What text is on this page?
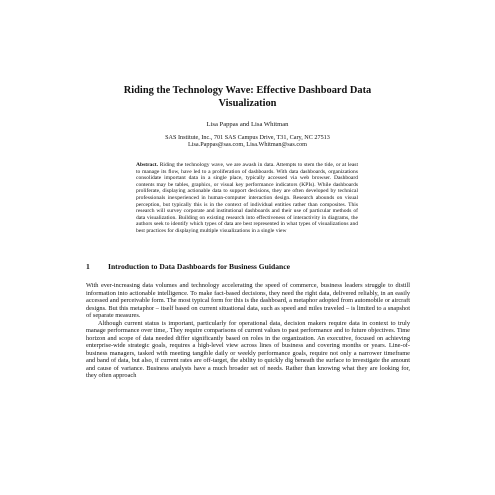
Riding the Technology Wave: Effective Dashboard Data Visualization

Lisa Pappas and Lisa Whitman

SAS Institute, Inc., 701 SAS Campus Drive, T31, Cary, NC 27513
Lisa.Pappas@sas.com, Lisa.Whitman@sas.com

Abstract. Riding the technology wave, we are awash in data. Attempts to stem the tide, or at least to manage its flow, have led to a proliferation of dashboards. With data dashboards, organizations consolidate important data in a single place, typically accessed via web browser. Dashboard contents may be tables, graphics, or visual key performance indicators (KPIs). While dashboards proliferate, displaying actionable data to support decisions, they are often developed by technical professionals inexperienced in human-computer interaction design. Research abounds on visual perception, but typically this is in the context of individual entities rather than composites. This research will survey corporate and institutional dashboards and their use of particular methods of data visualization. Building on existing research into effectiveness of interactivity in diagrams, the authors seek to identify which types of data are best represented in what types of visualizations and best practices for displaying multiple visualizations in a single view

1 Introduction to Data Dashboards for Business Guidance

With ever-increasing data volumes and technology accelerating the speed of commerce, business leaders struggle to distill information into actionable intelligence. To make fact-based decisions, they need the right data, delivered reliably, in an easily accessed and perceivable form. The most typical form for this is the dashboard, a metaphor adopted from automobile or aircraft designs. But this metaphor – itself based on current situational data, such as speed and miles traveled – is limited to a snapshot of separate measures.

Although current status is important, particularly for operational data, decision makers require data in context to truly manage performance over time,. They require comparisons of current values to past performance and to future objectives. Time horizon and scope of data needed differ significantly based on roles in the organization. An executive, focused on achieving enterprise-wide strategic goals, requires a high-level view across lines of business and covering months or years. Line-of-business managers, tasked with meeting tangible daily or weekly performance goals, require not only a narrower timeframe and band of data, but also, if current rates are off-target, the ability to quickly dig beneath the surface to investigate the amount and cause of variance. Business analysts have a much broader set of needs. Rather than knowing what they are looking for, they often approach
